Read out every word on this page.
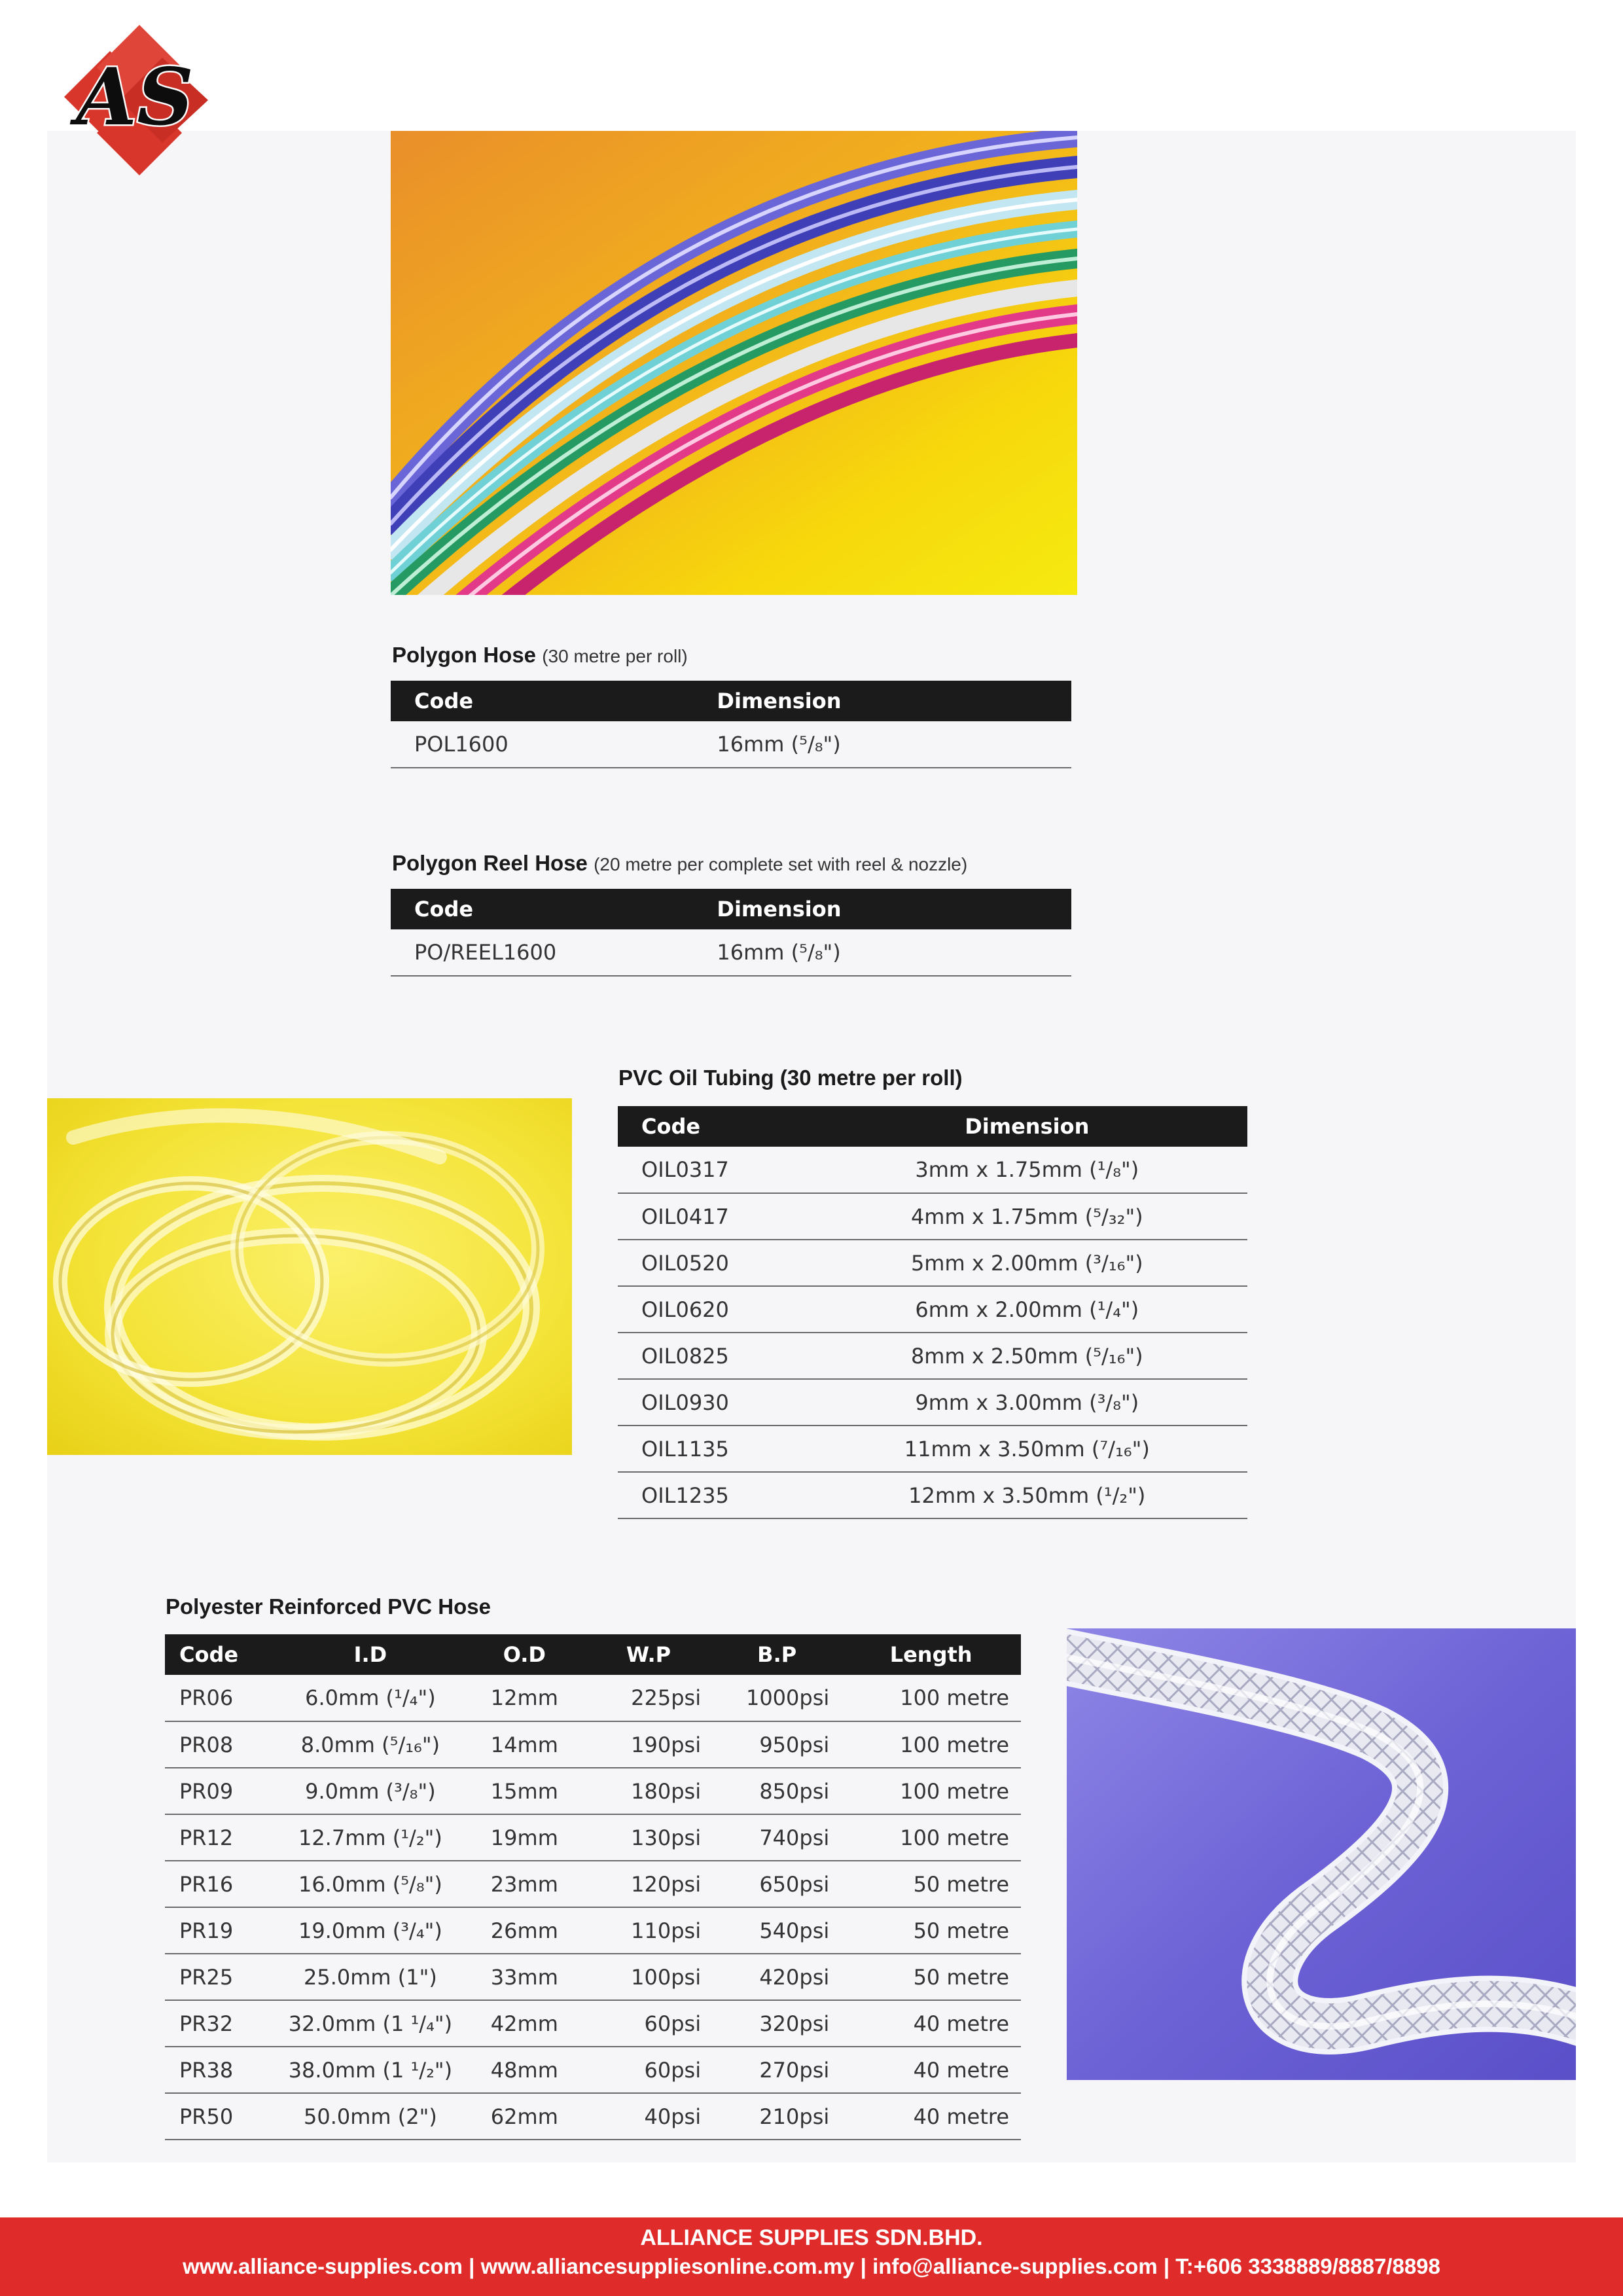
AS
Polygon Hose (30 metre per roll)
Code	Dimension
POL1600	16mm (⁵/₈")
Polygon Reel Hose (20 metre per complete set with reel & nozzle)
Code	Dimension
PO/REEL1600	16mm (⁵/₈")
PVC Oil Tubing (30 metre per roll)
Code	Dimension
OIL0317	3mm x 1.75mm (¹/₈")
OIL0417	4mm x 1.75mm (⁵/₃₂")
OIL0520	5mm x 2.00mm (³/₁₆")
OIL0620	6mm x 2.00mm (¹/₄")
OIL0825	8mm x 2.50mm (⁵/₁₆")
OIL0930	9mm x 3.00mm (³/₈")
OIL1135	11mm x 3.50mm (⁷/₁₆")
OIL1235	12mm x 3.50mm (¹/₂")
Polyester Reinforced PVC Hose
Code	I.D	O.D	W.P	B.P	Length
PR06	6.0mm (¹/₄")	12mm	225psi	1000psi	100 metre
PR08	8.0mm (⁵/₁₆")	14mm	190psi	950psi	100 metre
PR09	9.0mm (³/₈")	15mm	180psi	850psi	100 metre
PR12	12.7mm (¹/₂")	19mm	130psi	740psi	100 metre
PR16	16.0mm (⁵/₈")	23mm	120psi	650psi	50 metre
PR19	19.0mm (³/₄")	26mm	110psi	540psi	50 metre
PR25	25.0mm (1")	33mm	100psi	420psi	50 metre
PR32	32.0mm (1 ¹/₄")	42mm	60psi	320psi	40 metre
PR38	38.0mm (1 ¹/₂")	48mm	60psi	270psi	40 metre
PR50	50.0mm (2")	62mm	40psi	210psi	40 metre
ALLIANCE SUPPLIES SDN.BHD.
www.alliance-supplies.com | www.alliancesuppliesonline.com.my | info@alliance-supplies.com | T:+606 3338889/8887/8898
